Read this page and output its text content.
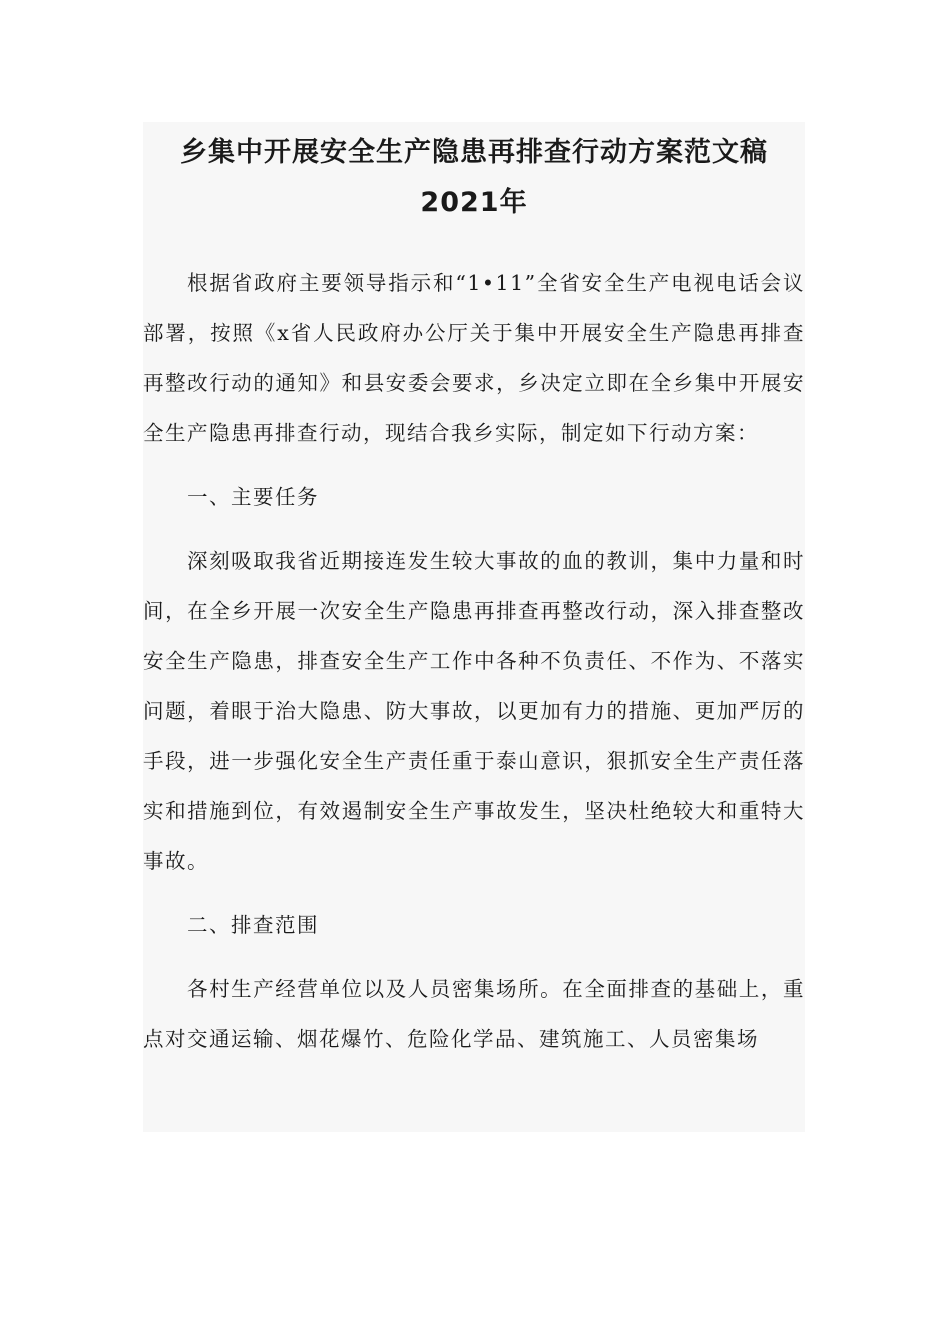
乡集中开展安全生产隐患再排查行动方案范文稿
2021年

根据省政府主要领导指示和“1•11”全省安全生产电视电话会议部署，按照《x省人民政府办公厅关于集中开展安全生产隐患再排查再整改行动的通知》和县安委会要求，乡决定立即在全乡集中开展安全生产隐患再排查行动，现结合我乡实际，制定如下行动方案：

一、主要任务

深刻吸取我省近期接连发生较大事故的血的教训，集中力量和时间，在全乡开展一次安全生产隐患再排查再整改行动，深入排查整改安全生产隐患，排查安全生产工作中各种不负责任、不作为、不落实问题，着眼于治大隐患、防大事故，以更加有力的措施、更加严厉的手段，进一步强化安全生产责任重于泰山意识，狠抓安全生产责任落实和措施到位，有效遏制安全生产事故发生，坚决杜绝较大和重特大事故。

二、排查范围

各村生产经营单位以及人员密集场所。在全面排查的基础上，重点对交通运输、烟花爆竹、危险化学品、建筑施工、人员密集场
